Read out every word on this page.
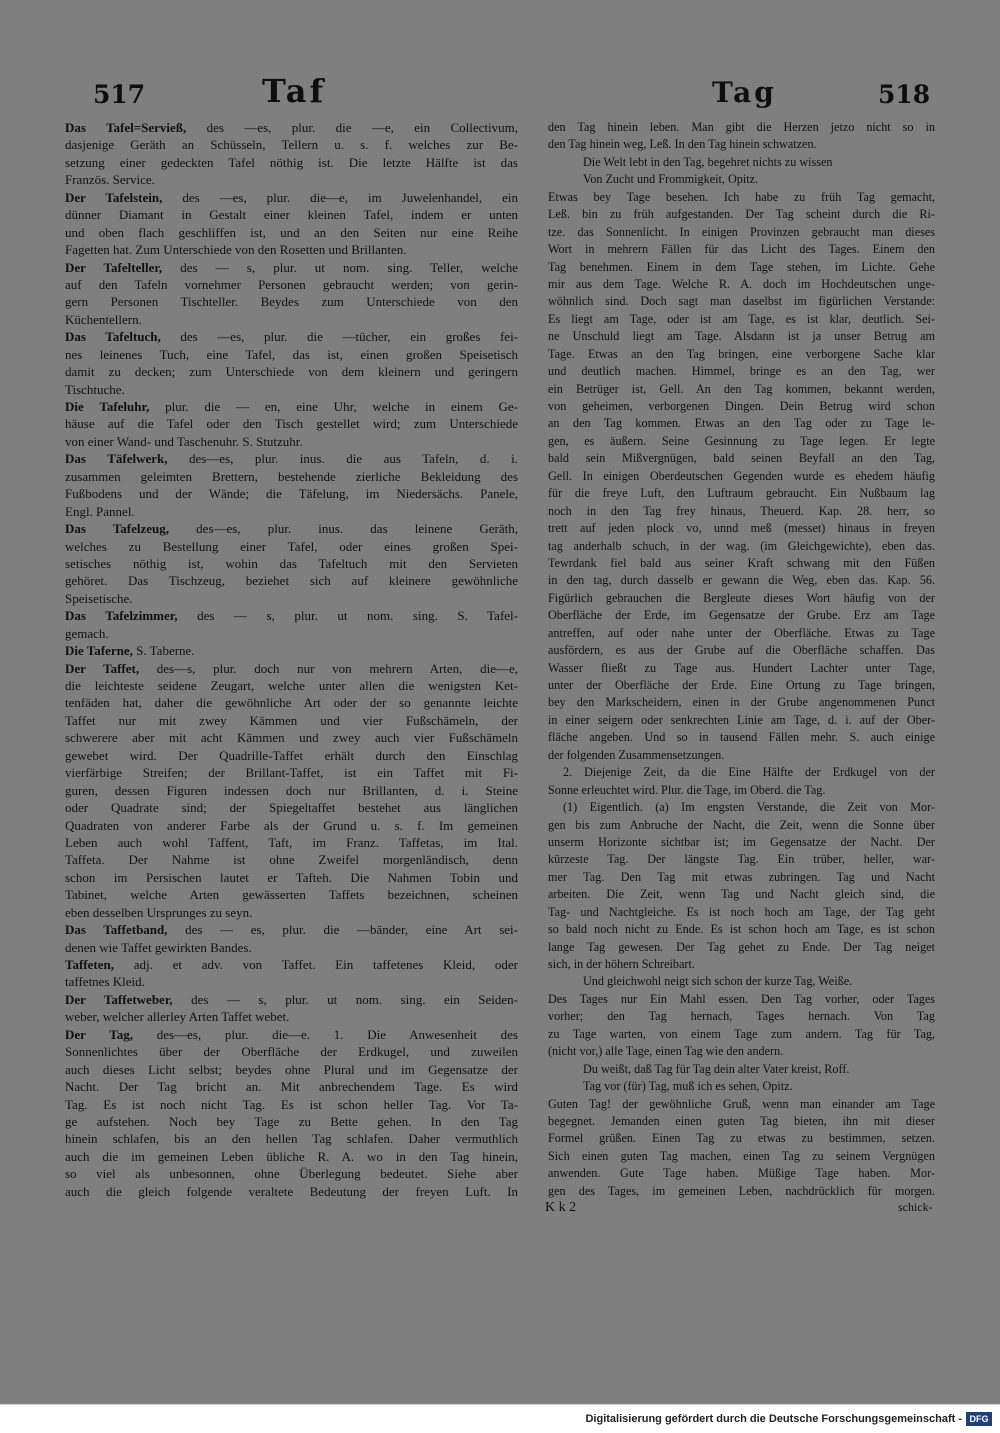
517	Taf	Tag	518
Das Tafel=Servieß, des —es, plur. die —e, ein Collectivum,
dasjenige Geräth an Schüsseln, Tellern u. s. f. welches zur Be-
setzung einer gedeckten Tafel nöthig ist. Die letzte Hälfte ist das
Französ. Service.
Der Tafelstein, des —es, plur. die—e, im Juwelenhandel, ein
dünner Diamant in Gestalt einer kleinen Tafel, indem er unten
und oben flach geschliffen ist, und an den Seiten nur eine Reihe
Fagetten hat. Zum Unterschiede von den Rosetten und Brillanten.
Der Tafelteller, des — s, plur. ut nom. sing. Teller, welche
auf den Tafeln vornehmer Personen gebraucht werden; von gerin-
gern Personen Tischteller. Beydes zum Unterschiede von den
Küchentellern.
Das Tafeltuch, des —es, plur. die —tücher, ein großes fei-
nes leinenes Tuch, eine Tafel, das ist, einen großen Speisetisch
damit zu decken; zum Unterschiede von dem kleinern und geringern
Tischtuche.
Die Tafeluhr, plur. die — en, eine Uhr, welche in einem Ge-
häuse auf die Tafel oder den Tisch gestellet wird; zum Unterschiede
von einer Wand- und Taschenuhr. S. Stutzuhr.
Das Täfelwerk, des—es, plur. inus. die aus Tafeln, d. i.
zusammen geleimten Brettern, bestehende zierliche Bekleidung des
Fußbodens und der Wände; die Täfelung, im Niedersächs. Panele,
Engl. Pannel.
Das Tafelzeug, des—es, plur. inus. das leinene Geräth,
welches zu Bestellung einer Tafel, oder eines großen Spei-
setisches nöthig ist, wohin das Tafeltuch mit den Servieten
gehöret. Das Tischzeug, beziehet sich auf kleinere gewöhnliche
Speisetische.
Das Tafelzimmer, des — s, plur. ut nom. sing. S. Tafel-
gemach.
Die Taferne, S. Taberne.
Der Taffet, des—s, plur. doch nur von mehrern Arten, die—e,
die leichteste seidene Zeugart, welche unter allen die wenigsten Ket-
tenfäden hat, daher die gewöhnliche Art oder der so genannte leichte
Taffet nur mit zwey Kämmen und vier Fußschämeln, der
schwerere aber mit acht Kämmen und zwey auch vier Fußschämeln
gewebet wird. Der Quadrille-Taffet erhält durch den Einschlag
vierfärbige Streifen; der Brillant-Taffet, ist ein Taffet mit Fi-
guren, dessen Figuren indessen doch nur Brillanten, d. i. Steine
oder Quadrate sind; der Spiegeltaffet bestehet aus länglichen
Quadraten von anderer Farbe als der Grund u. s. f. Im gemeinen
Leben auch wohl Taffent, Taft, im Franz. Taffetas, im Ital.
Taffeta. Der Nahme ist ohne Zweifel morgenländisch, denn
schon im Persischen lautet er Tafteh. Die Nahmen Tobin und
Tabinet, welche Arten gewässerten Taffets bezeichnen, scheinen
eben desselben Ursprunges zu seyn.
Das Taffetband, des — es, plur. die —bänder, eine Art sei-
denen wie Taffet gewirkten Bandes.
Taffeten, adj. et adv. von Taffet. Ein taffetenes Kleid, oder
taffetnes Kleid.
Der Taffetweber, des — s, plur. ut nom. sing. ein Seiden-
weber, welcher allerley Arten Taffet webet.
Der Tag, des—es, plur. die—e. 1. Die Anwesenheit des
Sonnenlichtes über der Oberfläche der Erdkugel, und zuweilen
auch dieses Licht selbst; beydes ohne Plural und im Gegensatze der
Nacht. Der Tag bricht an. Mit anbrechendem Tage. Es wird
Tag. Es ist noch nicht Tag. Es ist schon heller Tag. Vor Ta-
ge aufstehen. Noch bey Tage zu Bette gehen. In den Tag
hinein schlafen, bis an den hellen Tag schlafen. Daher vermuthlich
auch die im gemeinen Leben übliche R. A. wo in den Tag hinein,
so viel als unbesonnen, ohne Überlegung bedeutet. Siehe aber
auch die gleich folgende veraltete Bedeutung der freyen Luft. In
den Tag hinein leben. Man gibt die Herzen jetzo nicht so in
den Tag hinein weg, Leß. In den Tag hinein schwatzen.
Die Welt lebt in den Tag, begehret nichts zu wissen
Von Zucht und Frommigkeit, Opitz.
Etwas bey Tage besehen. Ich habe zu früh Tag gemacht,
Leß. bin zu früh aufgestanden. Der Tag scheint durch die Ri-
tze. das Sonnenlicht. In einigen Provinzen gebraucht man dieses
Wort in mehrern Fällen für das Licht des Tages. Einem den
Tag benehmen. Einem in dem Tage stehen, im Lichte. Gehe
mir aus dem Tage. Welche R. A. doch im Hochdeutschen unge-
wöhnlich sind. Doch sagt man daselbst im figürlichen Verstande:
Es liegt am Tage, oder ist am Tage, es ist klar, deutlich. Sei-
ne Unschuld liegt am Tage. Alsdann ist ja unser Betrug am
Tage. Etwas an den Tag bringen, eine verborgene Sache klar
und deutlich machen. Himmel, bringe es an den Tag, wer
ein Betrüger ist, Gell. An den Tag kommen, bekannt werden,
von geheimen, verborgenen Dingen. Dein Betrug wird schon
an den Tag kommen. Etwas an den Tag oder zu Tage le-
gen, es äußern. Seine Gesinnung zu Tage legen. Er legte
bald sein Mißvergnügen, bald seinen Beyfall an den Tag,
Gell. In einigen Oberdeutschen Gegenden wurde es ehedem häufig
für die freye Luft, den Luftraum gebraucht. Ein Nußbaum lag
noch in den Tag frey hinaus, Theuerd. Kap. 28. herr, so
trett auf jeden plock vo, unnd meß (messet) hinaus in freyen
tag anderhalb schuch, in der wag. (im Gleichgewichte), eben das.
Tewrdank fiel bald aus seiner Kraft schwang mit den Füßen
in den tag, durch dasselb er gewann die Weg, eben das. Kap. 56.
Figürlich gebrauchen die Bergleute dieses Wort häufig von der
Oberfläche der Erde, im Gegensatze der Grube. Erz am Tage
antreffen, auf oder nahe unter der Oberfläche. Etwas zu Tage
ausfördern, es aus der Grube auf die Oberfläche schaffen. Das
Wasser fließt zu Tage aus. Hundert Lachter unter Tage,
unter der Oberfläche der Erde. Eine Ortung zu Tage bringen,
bey den Markscheidern, einen in der Grube angenommenen Punct
in einer seigern oder senkrechten Linie am Tage, d. i. auf der Ober-
fläche angeben. Und so in tausend Fällen mehr. S. auch einige
der folgenden Zusammensetzungen.
2. Diejenige Zeit, da die Eine Hälfte der Erdkugel von der
Sonne erleuchtet wird. Plur. die Tage, im Oberd. die Tag.
(1) Eigentlich. (a) Im engsten Verstande, die Zeit von Mor-
gen bis zum Anbruche der Nacht, die Zeit, wenn die Sonne über
unserm Horizonte sichtbar ist; im Gegensatze der Nacht. Der
kürzeste Tag. Der längste Tag. Ein trüber, heller, war-
mer Tag. Den Tag mit etwas zubringen. Tag und Nacht
arbeiten. Die Zeit, wenn Tag und Nacht gleich sind, die
Tag- und Nachtgleiche. Es ist noch hoch am Tage, der Tag geht
so bald noch nicht zu Ende. Es ist schon hoch am Tage, es ist schon
lange Tag gewesen. Der Tag gehet zu Ende. Der Tag neiget
sich, in der höhern Schreibart.
Und gleichwohl neigt sich schon der kurze Tag, Weiße.
Des Tages nur Ein Mahl essen. Den Tag vorher, oder Tages
vorher; den Tag hernach, Tages hernach. Von Tag
zu Tage warten, von einem Tage zum andern. Tag für Tag,
(nicht vor,) alle Tage, einen Tag wie den andern.
Du weißt, daß Tag für Tag dein alter Vater kreist, Roff.
Tag vor (für) Tag, muß ich es sehen, Opitz.
Guten Tag! der gewöhnliche Gruß, wenn man einander am Tage
begegnet. Jemanden einen guten Tag bieten, ihn mit dieser
Formel grüßen. Einen Tag zu etwas zu bestimmen, setzen.
Sich einen guten Tag machen, einen Tag zu seinem Vergnügen
anwenden. Gute Tage haben. Müßige Tage haben. Mor-
gen des Tages, im gemeinen Leben, nachdrücklich für morgen.
K k 2	schick-
Digitalisierung gefördert durch die Deutsche Forschungsgemeinschaft - DFG
